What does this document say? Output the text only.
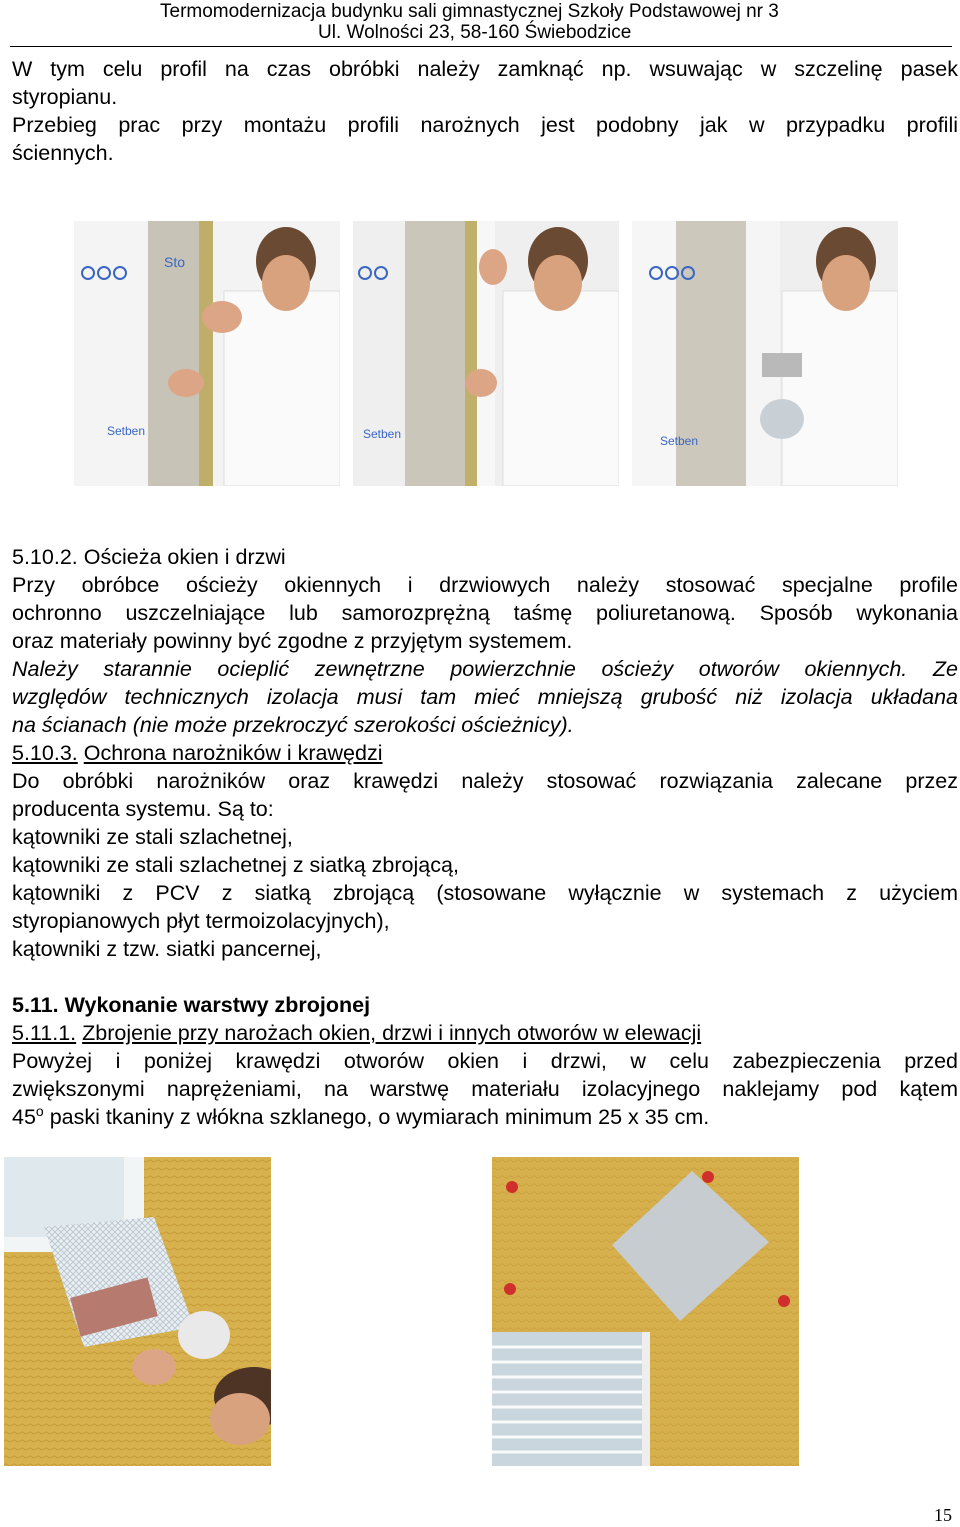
Termomodernizacja budynku sali gimnastycznej Szkoły Podstawowej nr 3
Ul. Wolności 23, 58-160 Świebodzice
W tym celu profil na czas obróbki należy zamknąć np. wsuwając w szczelinę pasek
styropianu.
Przebieg prac przy montażu profili narożnych jest podobny jak w przypadku profili
ściennych.
Sto
Setben	Setben	Setben
5.10.2. Ościeża okien i drzwi
Przy obróbce ościeży okiennych i drzwiowych należy stosować specjalne profile
ochronno uszczelniające lub samorozprężną taśmę poliuretanową. Sposób wykonania
oraz materiały powinny być zgodne z przyjętym systemem.
Należy starannie ocieplić zewnętrzne powierzchnie ościeży otworów okiennych. Ze
względów technicznych izolacja musi tam mieć mniejszą grubość niż izolacja układana
na ścianach (nie może przekroczyć szerokości ościeżnicy).
5.10.3. Ochrona narożników i krawędzi
Do obróbki narożników oraz krawędzi należy stosować rozwiązania zalecane przez
producenta systemu. Są to:
kątowniki ze stali szlachetnej,
kątowniki ze stali szlachetnej z siatką zbrojącą,
kątowniki z PCV z siatką zbrojącą (stosowane wyłącznie w systemach z użyciem
styropianowych płyt termoizolacyjnych),
kątowniki z tzw. siatki pancernej,
5.11. Wykonanie warstwy zbrojonej
5.11.1. Zbrojenie przy narożach okien, drzwi i innych otworów w elewacji
Powyżej i poniżej krawędzi otworów okien i drzwi, w celu zabezpieczenia przed
zwiększonymi naprężeniami, na warstwę materiału izolacyjnego naklejamy pod kątem
45$^o$ paski tkaniny z włókna szklanego, o wymiarach minimum 25 x 35 cm.
15
